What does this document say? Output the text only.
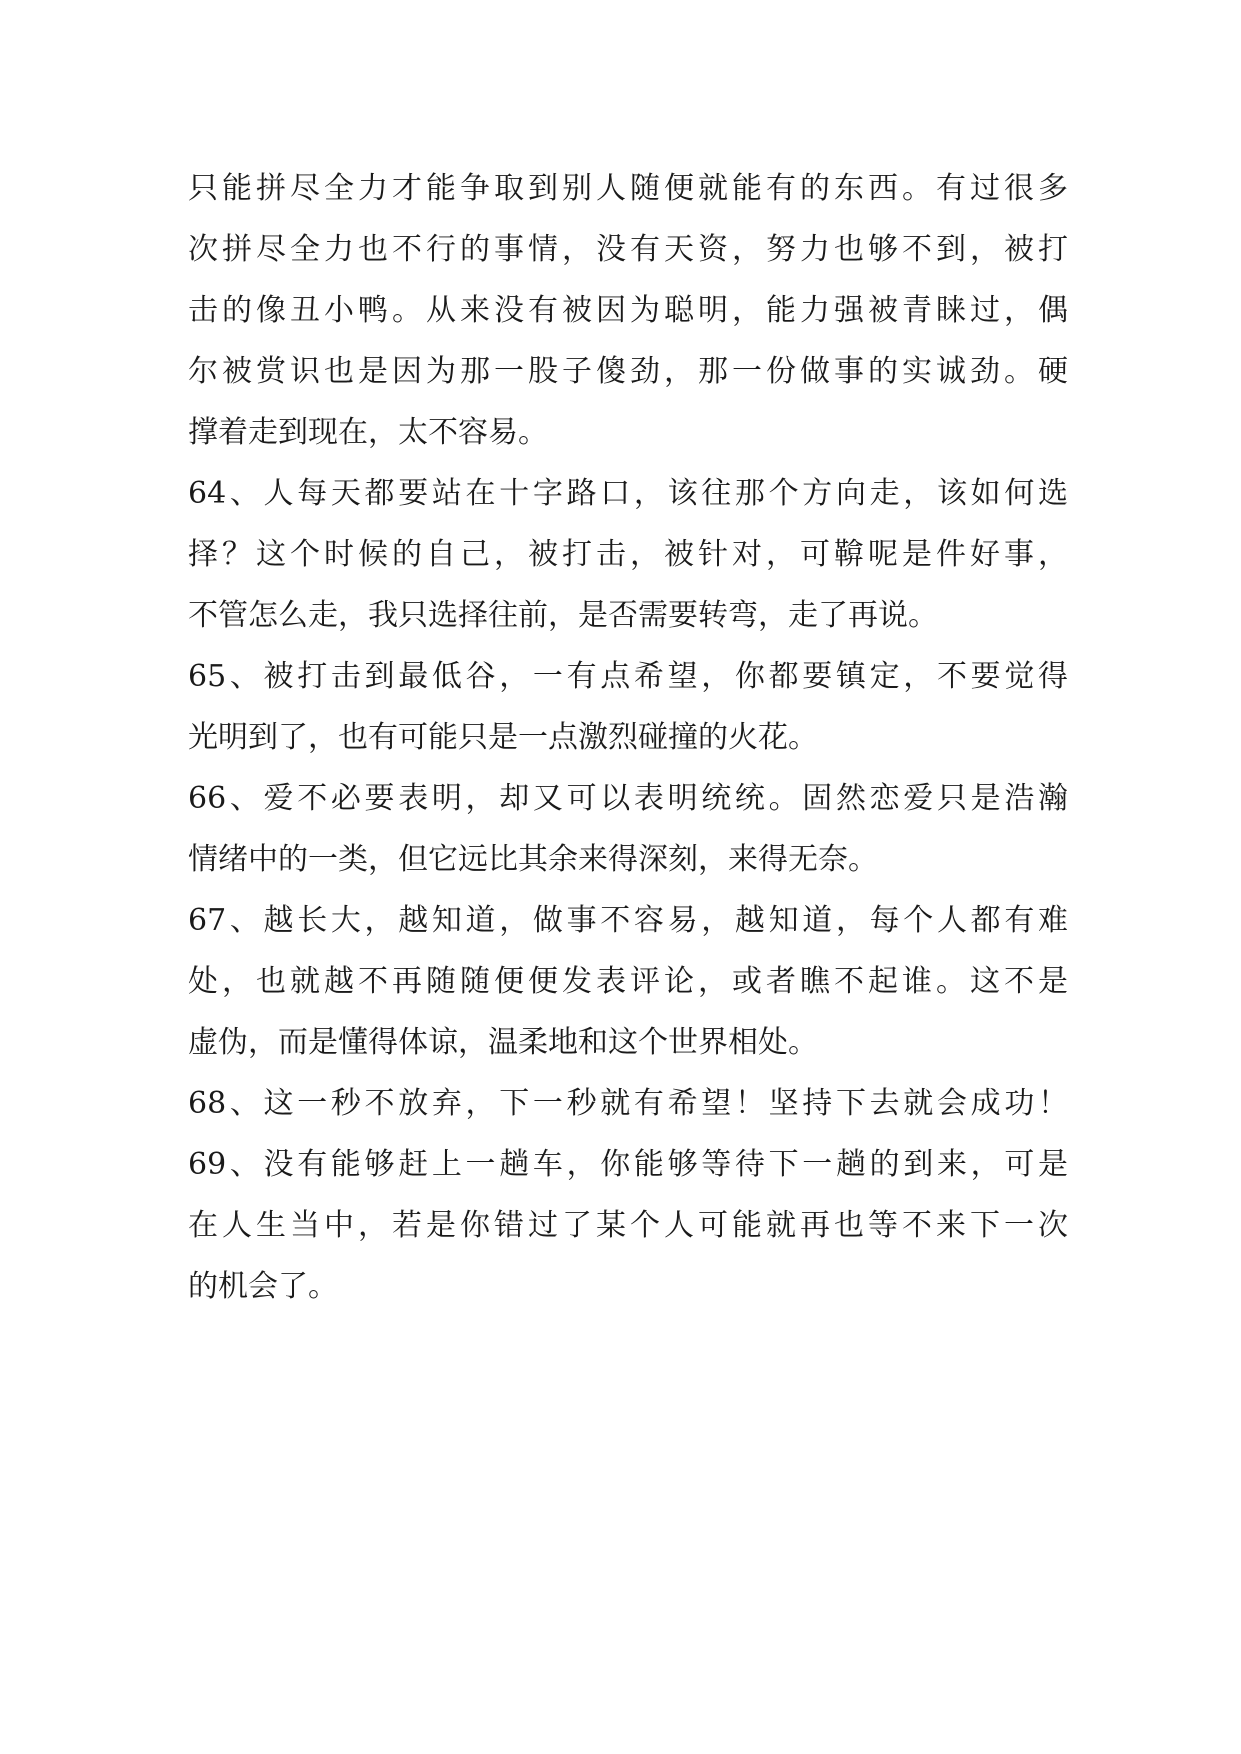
只能拼尽全力才能争取到别人随便就能有的东西。有过很多
次拼尽全力也不行的事情，没有天资，努力也够不到，被打
击的像丑小鸭。从来没有被因为聪明，能力强被青睐过，偶
尔被赏识也是因为那一股子傻劲，那一份做事的实诚劲。硬
撑着走到现在，太不容易。
64、人每天都要站在十字路口，该往那个方向走，该如何选
择？这个时候的自己，被打击，被针对，可鞥呢是件好事，
不管怎么走，我只选择往前，是否需要转弯，走了再说。
65、被打击到最低谷，一有点希望，你都要镇定，不要觉得
光明到了，也有可能只是一点激烈碰撞的火花。
66、爱不必要表明，却又可以表明统统。固然恋爱只是浩瀚
情绪中的一类，但它远比其余来得深刻，来得无奈。
67、越长大，越知道，做事不容易，越知道，每个人都有难
处，也就越不再随随便便发表评论，或者瞧不起谁。这不是
虚伪，而是懂得体谅，温柔地和这个世界相处。
68、这一秒不放弃，下一秒就有希望！坚持下去就会成功！
69、没有能够赶上一趟车，你能够等待下一趟的到来，可是
在人生当中，若是你错过了某个人可能就再也等不来下一次
的机会了。
